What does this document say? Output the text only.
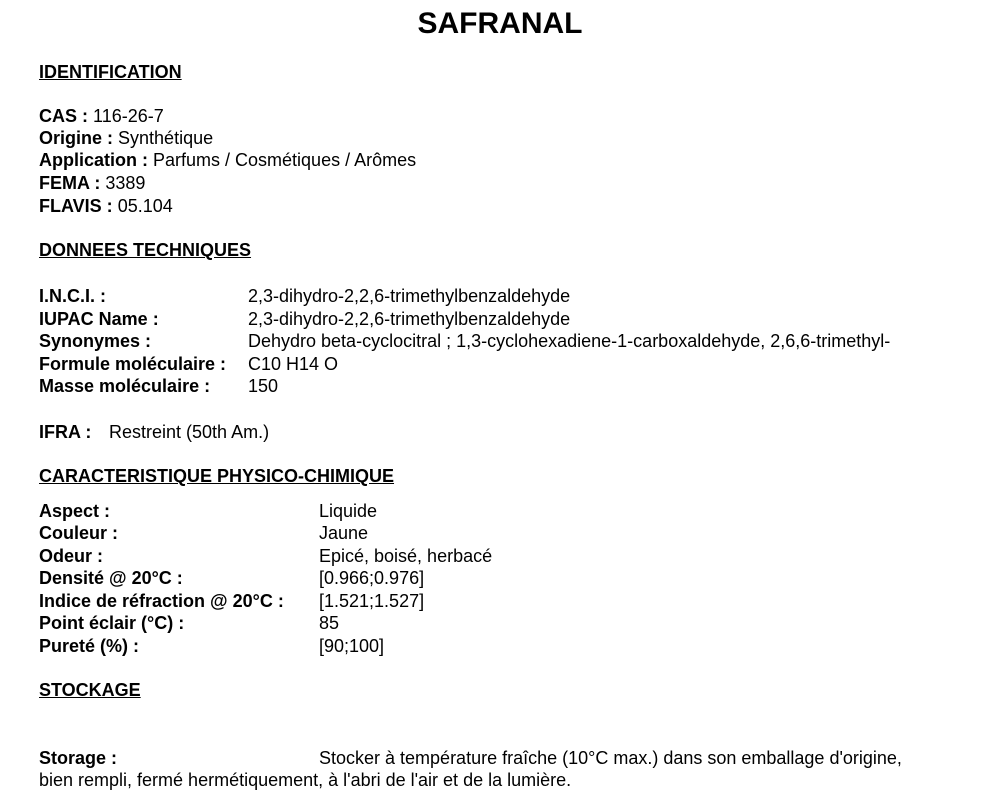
SAFRANAL
IDENTIFICATION
CAS : 116-26-7
Origine : Synthétique
Application : Parfums / Cosmétiques / Arômes
FEMA : 3389
FLAVIS : 05.104
DONNEES TECHNIQUES
I.N.C.I. :	2,3-dihydro-2,2,6-trimethylbenzaldehyde
IUPAC Name :	2,3-dihydro-2,2,6-trimethylbenzaldehyde
Synonymes :	Dehydro beta-cyclocitral ; 1,3-cyclohexadiene-1-carboxaldehyde, 2,6,6-trimethyl-
Formule moléculaire : C10 H14 O
Masse moléculaire : 150
IFRA : Restreint (50th Am.)
CARACTERISTIQUE PHYSICO-CHIMIQUE
Aspect :	Liquide
Couleur :	Jaune
Odeur :	Epicé, boisé, herbacé
Densité @ 20°C :	[0.966;0.976]
Indice de réfraction @ 20°C : [1.521;1.527]
Point éclair (°C) :	85
Pureté (%) :	[90;100]
STOCKAGE
Storage :	Stocker à température fraîche (10°C max.) dans son emballage d'origine,
bien rempli, fermé hermétiquement, à l'abri de l'air et de la lumière.
